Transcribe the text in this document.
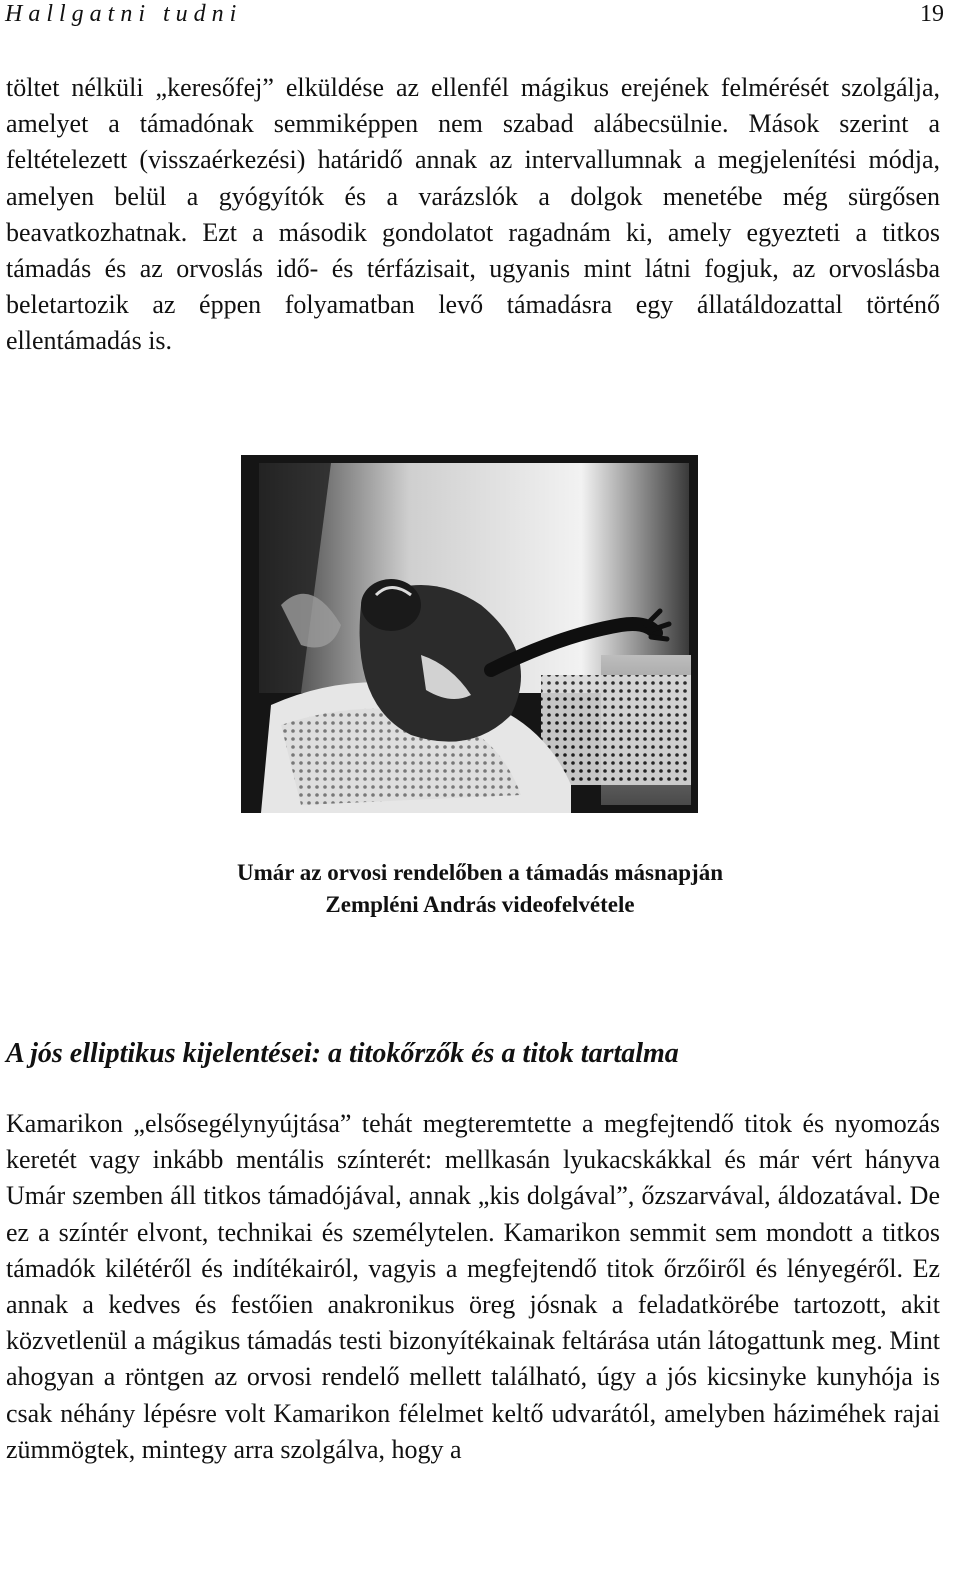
Hallgatni tudni	19

töltet nélküli „keresőfej” elküldése az ellenfél mágikus erejének felmérését szolgálja, amelyet a támadónak semmiképpen nem szabad alábecsülnie. Mások szerint a feltételezett (visszaérkezési) határidő annak az intervallumnak a megjelenítési módja, amelyen belül a gyógyítók és a varázslók a dolgok menetébe még sürgősen beavatkozhatnak. Ezt a második gondolatot ragadnám ki, amely egyezteti a titkos támadás és az orvoslás idő- és térfázisait, ugyanis mint látni fogjuk, az orvoslásba beletartozik az éppen folyamatban levő támadásra egy állatáldozattal történő ellentámadás is.

Umár az orvosi rendelőben a támadás másnapján
Zempléni András videofelvétele
A jós elliptikus kijelentései: a titokőrzők és a titok tartalma

Kamarikon „elsősegélynyújtása” tehát megteremtette a megfejtendő titok és nyomozás keretét vagy inkább mentális színterét: mellkasán lyukacskákkal és már vért hányva Umár szemben áll titkos támadójával, annak „kis dolgával”, őzszarvával, áldozatával. De ez a színtér elvont, technikai és személytelen. Kamarikon semmit sem mondott a titkos támadók kilétéről és indítékairól, vagyis a megfejtendő titok őrzőiről és lényegéről. Ez annak a kedves és festőien anakronikus öreg jósnak a feladatkörébe tartozott, akit közvetlenül a mágikus támadás testi bizonyítékainak feltárása után látogattunk meg. Mint ahogyan a röntgen az orvosi rendelő mellett található, úgy a jós kicsinyke kunyhója is csak néhány lépésre volt Kamarikon félelmet keltő udvarától, amelyben háziméhek rajai zümmögtek, mintegy arra szolgálva, hogy a
